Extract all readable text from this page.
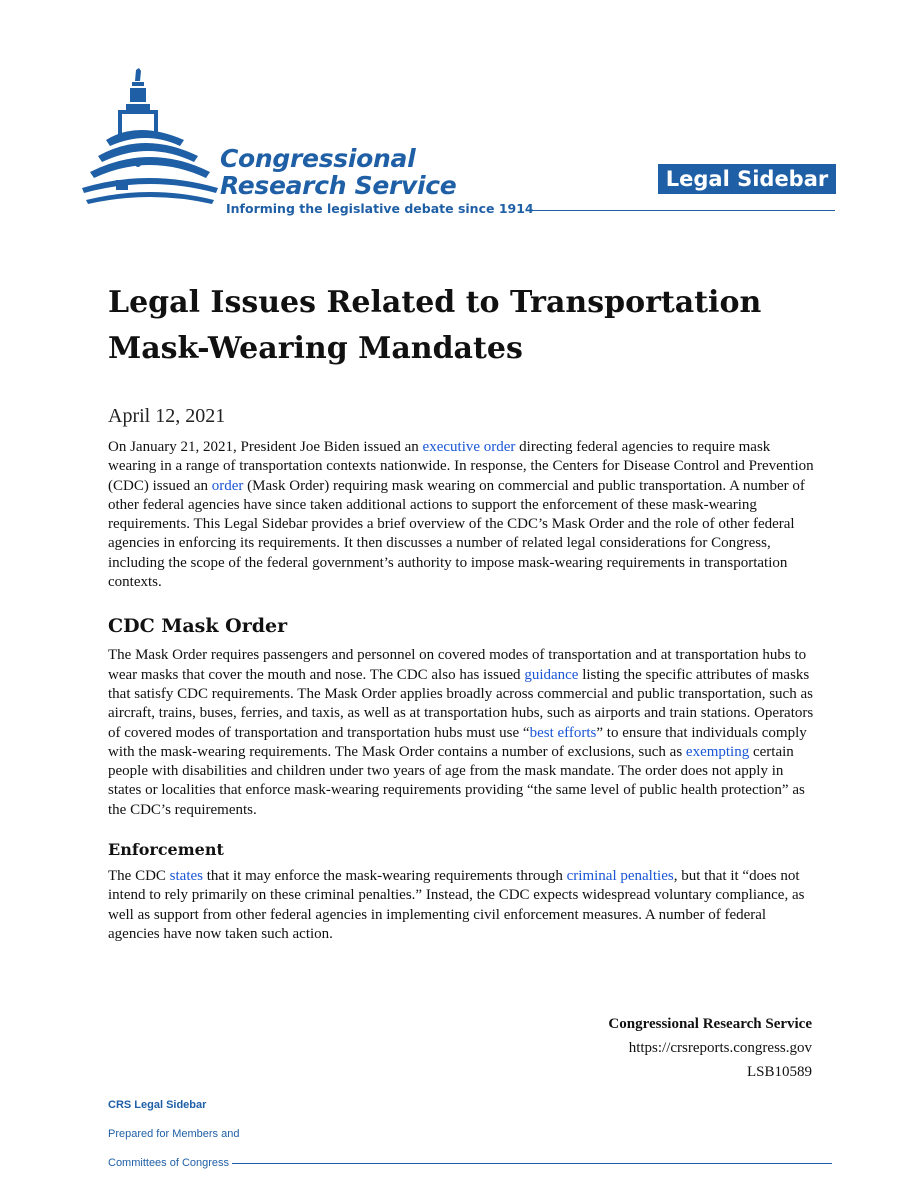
Congressional
Research Service
Informing the legislative debate since 1914
Legal Sidebar
Legal Issues Related to Transportation Mask-Wearing Mandates
April 12, 2021

On January 21, 2021, President Joe Biden issued an executive order directing federal agencies to require mask wearing in a range of transportation contexts nationwide. In response, the Centers for Disease Control and Prevention (CDC) issued an order (Mask Order) requiring mask wearing on commercial and public transportation. A number of other federal agencies have since taken additional actions to support the enforcement of these mask-wearing requirements. This Legal Sidebar provides a brief overview of the CDC’s Mask Order and the role of other federal agencies in enforcing its requirements. It then discusses a number of related legal considerations for Congress, including the scope of the federal government’s authority to impose mask-wearing requirements in transportation contexts.

CDC Mask Order

The Mask Order requires passengers and personnel on covered modes of transportation and at transportation hubs to wear masks that cover the mouth and nose. The CDC also has issued guidance listing the specific attributes of masks that satisfy CDC requirements. The Mask Order applies broadly across commercial and public transportation, such as aircraft, trains, buses, ferries, and taxis, as well as at transportation hubs, such as airports and train stations. Operators of covered modes of transportation and transportation hubs must use “best efforts” to ensure that individuals comply with the mask-wearing requirements. The Mask Order contains a number of exclusions, such as exempting certain people with disabilities and children under two years of age from the mask mandate. The order does not apply in states or localities that enforce mask-wearing requirements providing “the same level of public health protection” as the CDC’s requirements.

Enforcement

The CDC states that it may enforce the mask-wearing requirements through criminal penalties, but that it “does not intend to rely primarily on these criminal penalties.” Instead, the CDC expects widespread voluntary compliance, as well as support from other federal agencies in implementing civil enforcement measures. A number of federal agencies have now taken such action.

Congressional Research Service
https://crsreports.congress.gov
LSB10589
CRS Legal Sidebar
Prepared for Members and
Committees of Congress
